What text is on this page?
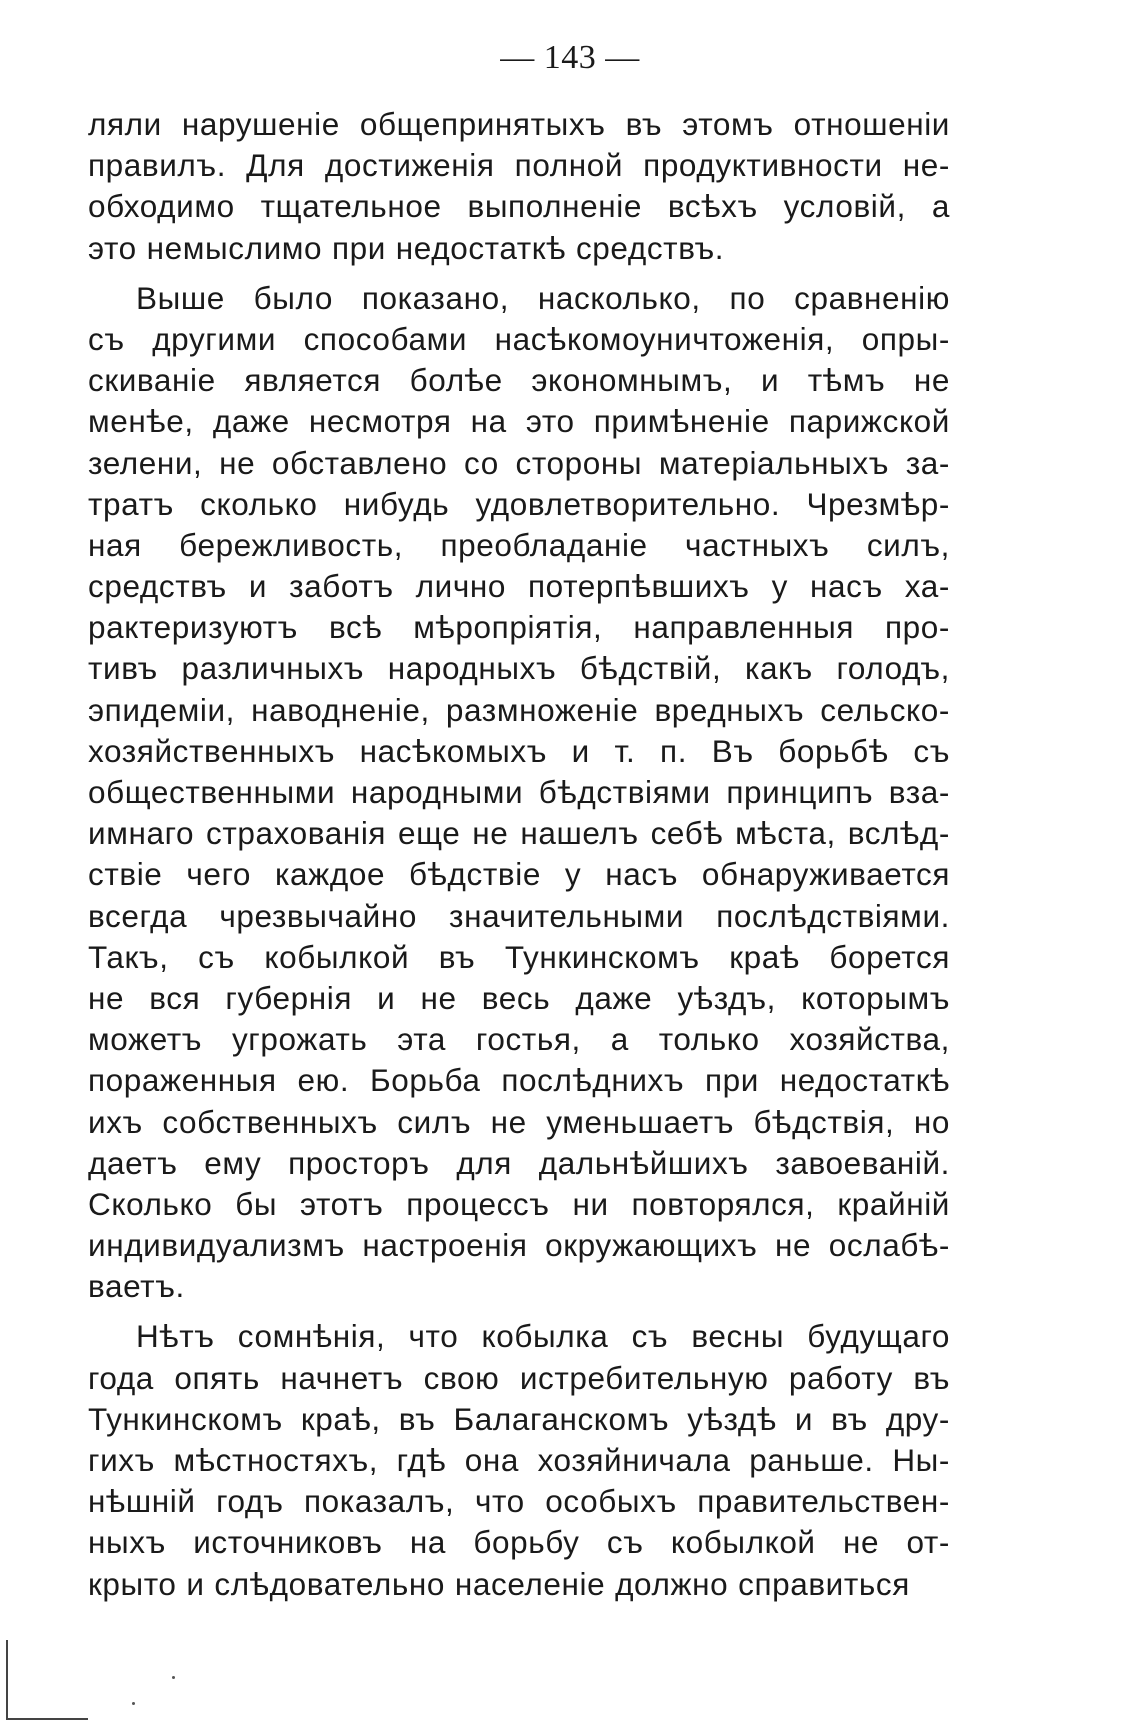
— 143 —
ляли нарушеніе общепринятыхъ въ этомъ отношеніи
правилъ. Для достиженія полной продуктивности не-
обходимо тщательное выполненіе всѣхъ условій, а
это немыслимо при недостаткѣ средствъ.
Выше было показано, насколько, по сравненію
съ другими способами насѣкомоуничтоженія, опры-
скиваніе является болѣе экономнымъ, и тѣмъ не
менѣе, даже несмотря на это примѣненіе парижской
зелени, не обставлено со стороны матеріальныхъ за-
тратъ сколько нибудь удовлетворительно. Чрезмѣр-
ная бережливость, преобладаніе частныхъ силъ,
средствъ и заботъ лично потерпѣвшихъ у насъ ха-
рактеризуютъ всѣ мѣропріятія, направленныя про-
тивъ различныхъ народныхъ бѣдствій, какъ голодъ,
эпидеміи, наводненіе, размноженіе вредныхъ сельско-
хозяйственныхъ насѣкомыхъ и т. п. Въ борьбѣ съ
общественными народными бѣдствіями принципъ вза-
имнаго страхованія еще не нашелъ себѣ мѣста, вслѣд-
ствіе чего каждое бѣдствіе у насъ обнаруживается
всегда чрезвычайно значительными послѣдствіями.
Такъ, съ кобылкой въ Тункинскомъ краѣ борется
не вся губернія и не весь даже уѣздъ, которымъ
можетъ угрожать эта гостья, а только хозяйства,
пораженныя ею. Борьба послѣднихъ при недостаткѣ
ихъ собственныхъ силъ не уменьшаетъ бѣдствія, но
даетъ ему просторъ для дальнѣйшихъ завоеваній.
Сколько бы этотъ процессъ ни повторялся, крайній
индивидуализмъ настроенія окружающихъ не ослабѣ-
ваетъ.
Нѣтъ сомнѣнія, что кобылка съ весны будущаго
года опять начнетъ свою истребительную работу въ
Тункинскомъ краѣ, въ Балаганскомъ уѣздѣ и въ дру-
гихъ мѣстностяхъ, гдѣ она хозяйничала раньше. Ны-
нѣшній годъ показалъ, что особыхъ правительствен-
ныхъ источниковъ на борьбу съ кобылкой не от-
крыто и слѣдовательно населеніе должно справиться
